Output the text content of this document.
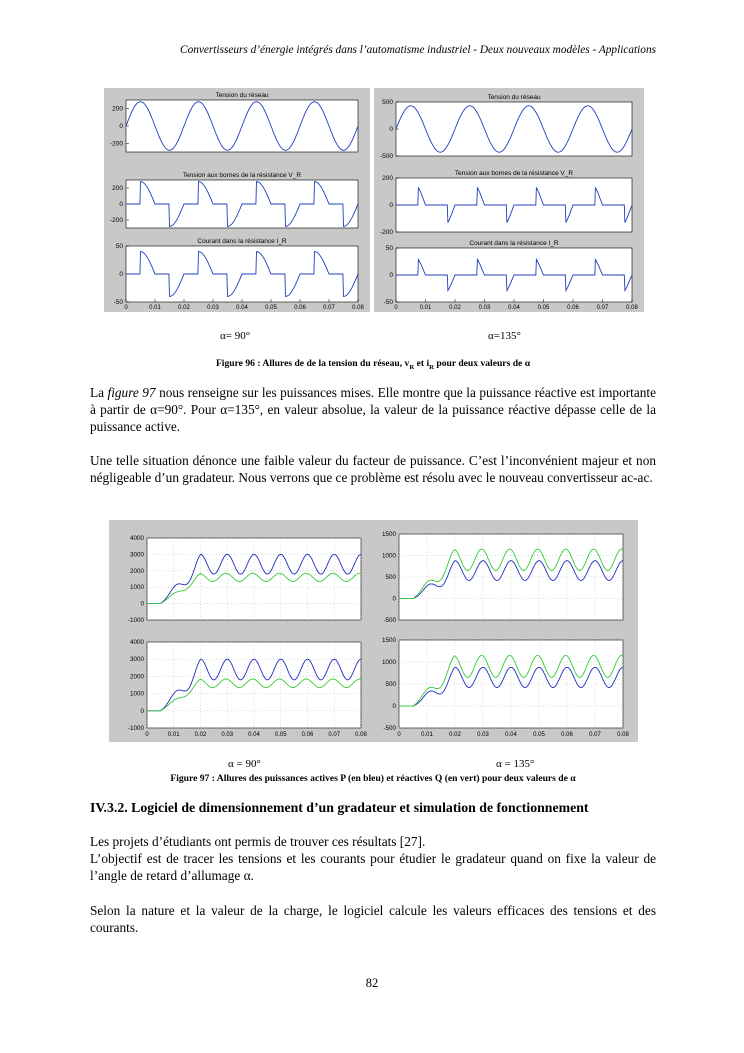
Convertisseurs d’énergie intégrés dans l’automatisme industriel - Deux nouveaux modèles - Applications
Tension du réseau
200
0
-200
Tension aux bornes de la résistance V_R
200
0
-200
Courant dans la résistance I_R
50
0
-50
0	0.01	0.02	0.03	0.04	0.05	0.06	0.07	0.08
Tension du réseau
500
0
-500
Tension aux bornes de la résistance V_R
200
0
-200
Courant dans la résistance I_R
50
0
-50
0	0.01	0.02	0.03	0.04	0.05	0.06	0.07	0.08
α= 90°	α=135°
Figure 96 : Allures de de la tension du réseau, $v_R$ et $i_R$ pour deux valeurs de α
La figure 97 nous renseigne sur les puissances mises. Elle montre que la puissance réactive est importante à partir de α=90°. Pour α=135°, en valeur absolue, la valeur de la puissance réactive dépasse celle de la puissance active.
Une telle situation dénonce une faible valeur du facteur de puissance. C’est l’inconvénient majeur et non négligeable d’un gradateur. Nous verrons que ce problème est résolu avec le nouveau convertisseur ac-ac.
4000
3000
2000
1000
0
-1000
4000
3000
2000
1000
0
-1000
0	0.01	0.02	0.03	0.04	0.05	0.06	0.07	0.08
1500
1000
500
0
-500
1500
1000
500
0
-500
0	0.01	0.02	0.03	0.04	0.05	0.06	0.07	0.08
α = 90°	α = 135°
Figure 97 : Allures des puissances actives P (en bleu) et réactives Q (en vert) pour deux valeurs de α
IV.3.2. Logiciel de dimensionnement d’un gradateur et simulation de fonctionnement
Les projets d’étudiants ont permis de trouver ces résultats [27].
L’objectif est de tracer les tensions et les courants pour étudier le gradateur quand on fixe la valeur de l’angle de retard d’allumage α.
Selon la nature et la valeur de la charge, le logiciel calcule les valeurs efficaces des tensions et des courants.
82
